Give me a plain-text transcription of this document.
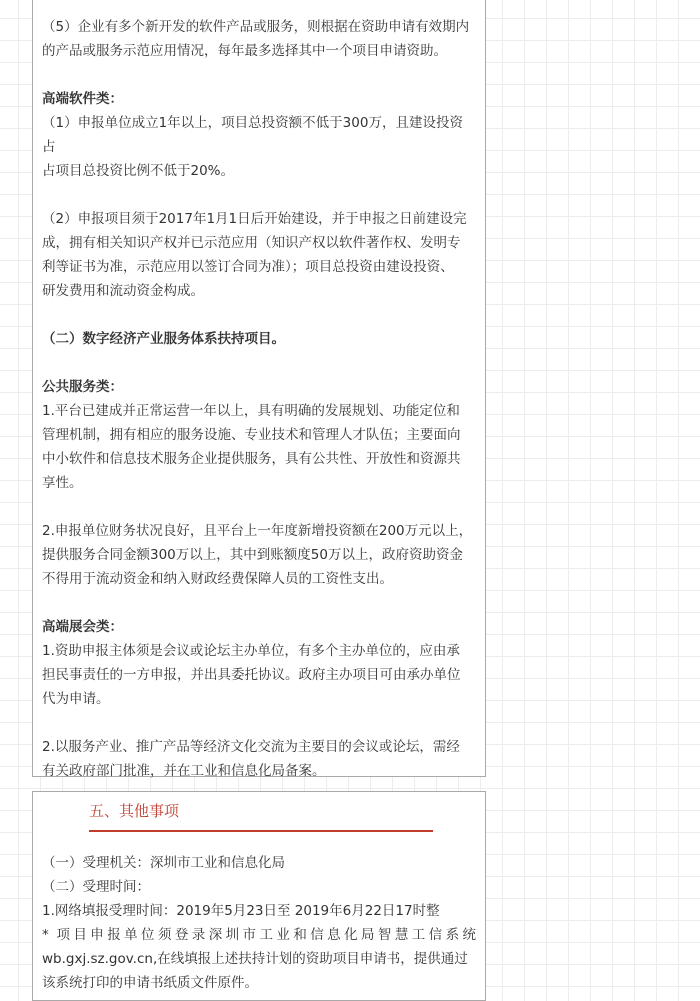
（5）企业有多个新开发的软件产品或服务，则根据在资助申请有效期内
的产品或服务示范应用情况，每年最多选择其中一个项目申请资助。

高端软件类：

（1）申报单位成立1年以上，项目总投资额不低于300万，且建设投资占
占项目总投资比例不低于20%。

（2）申报项目须于2017年1月1日后开始建设，并于申报之日前建设完
成，拥有相关知识产权并已示范应用（知识产权以软件著作权、发明专
利等证书为准，示范应用以签订合同为准）；项目总投资由建设投资、
研发费用和流动资金构成。

（二）数字经济产业服务体系扶持项目。

公共服务类：

1.平台已建成并正常运营一年以上，具有明确的发展规划、功能定位和
管理机制，拥有相应的服务设施、专业技术和管理人才队伍；主要面向
中小软件和信息技术服务企业提供服务，具有公共性、开放性和资源共
享性。

2.申报单位财务状况良好，且平台上一年度新增投资额在200万元以上，
提供服务合同金额300万以上，其中到账额度50万以上，政府资助资金
不得用于流动资金和纳入财政经费保障人员的工资性支出。

高端展会类：

1.资助申报主体须是会议或论坛主办单位，有多个主办单位的，应由承
担民事责任的一方申报，并出具委托协议。政府主办项目可由承办单位
代为申请。

2.以服务产业、推广产品等经济文化交流为主要目的会议或论坛，需经
有关政府部门批准，并在工业和信息化局备案。

五、其他事项

（一）受理机关：深圳市工业和信息化局

（二）受理时间：

1.网络填报受理时间：2019年5月23日至 2019年6月22日17时整

* 项目申报单位须登录深圳市工业和信息化局智慧工信系统

wb.gxj.sz.gov.cn,在线填报上述扶持计划的资助项目申请书，提供通过

该系统打印的申请书纸质文件原件。
